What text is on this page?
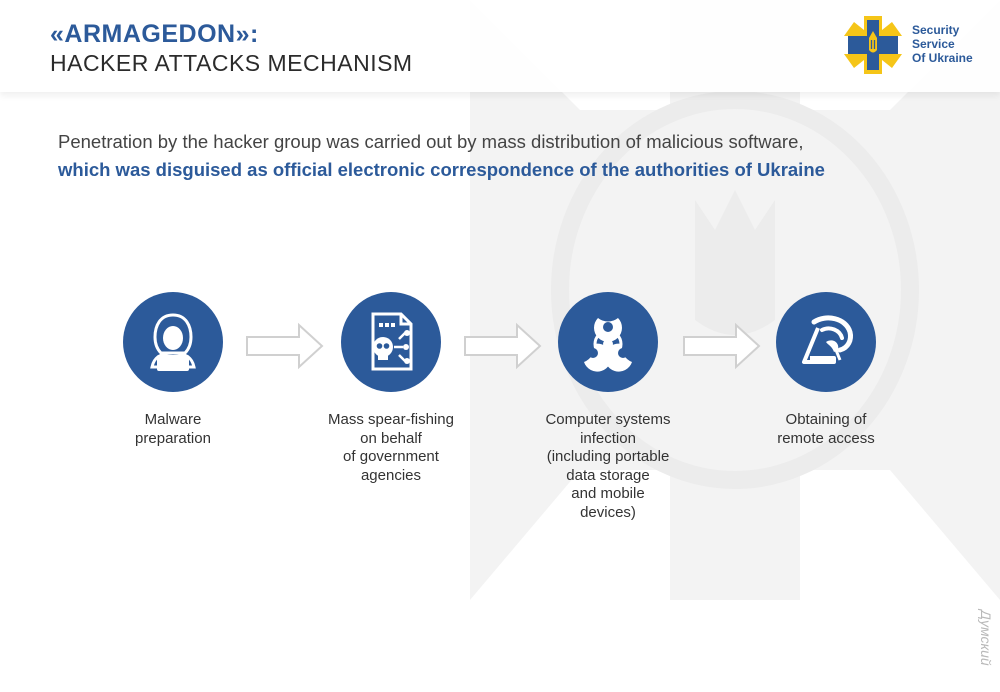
«ARMAGEDON»:
HACKER ATTACKS MECHANISM
Security
Service
Of Ukraine
Penetration by the hacker group was carried out by mass distribution of malicious software,
which was disguised as official electronic correspondence of the authorities of Ukraine
Malware
preparation
Mass spear-fishing
on behalf
of government
agencies
Computer systems
infection
(including portable
data storage
and mobile
devices)
Obtaining of
remote access
Думский
